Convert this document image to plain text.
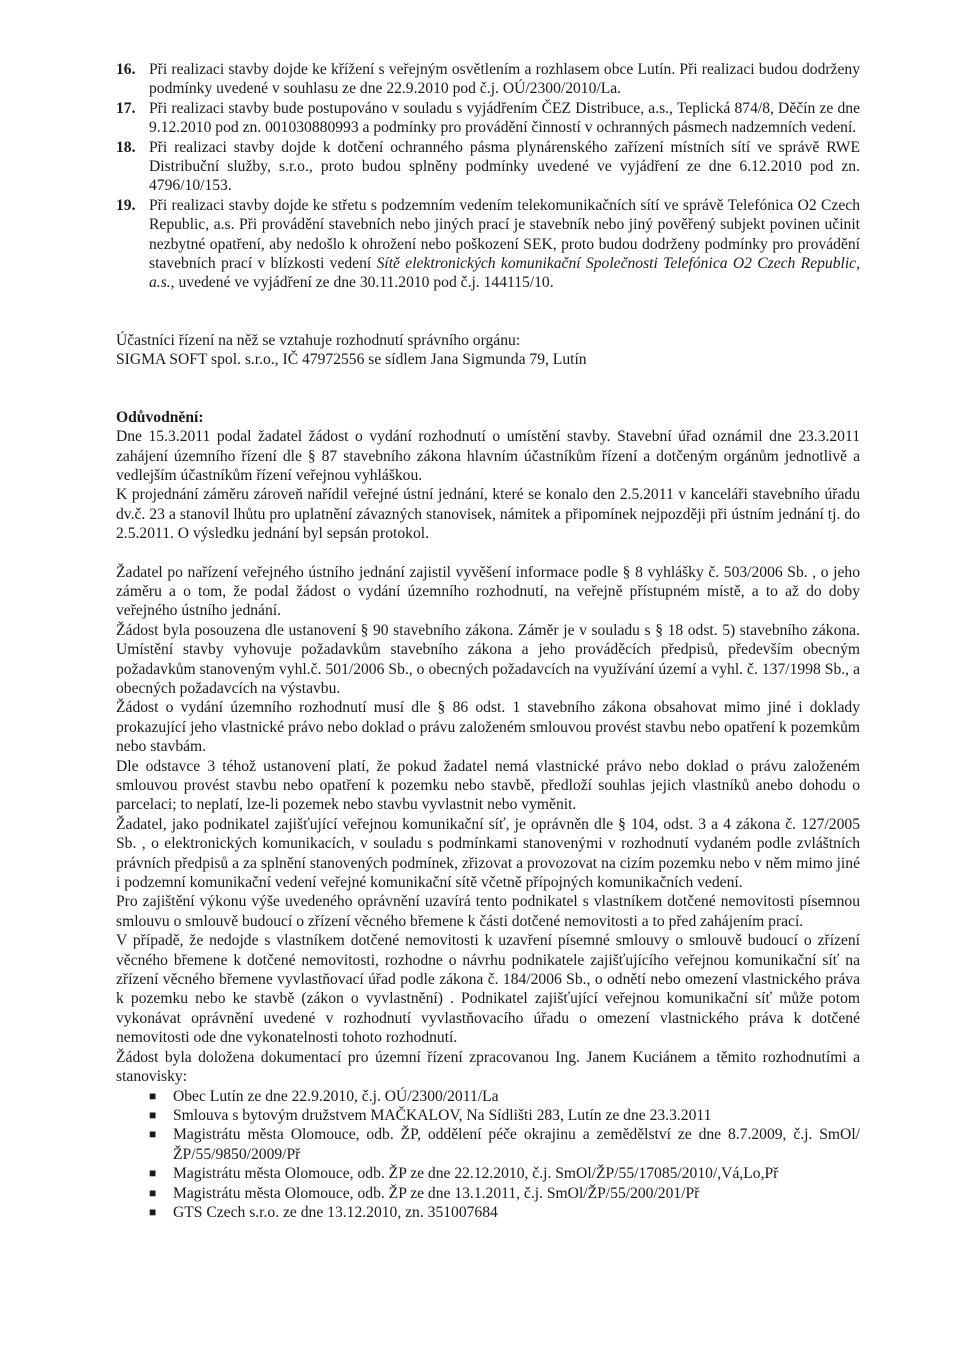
16. Při realizaci stavby dojde ke křížení s veřejným osvětlením a rozhlasem obce Lutín. Při realizaci budou dodrženy podmínky uvedené v souhlasu ze dne 22.9.2010 pod č.j. OÚ/2300/2010/La.
17. Při realizaci stavby bude postupováno v souladu s vyjádřením ČEZ Distribuce, a.s., Teplická 874/8, Děčín ze dne 9.12.2010 pod zn. 001030880993 a podmínky pro provádění činností v ochranných pásmech nadzemních vedení.
18. Při realizaci stavby dojde k dotčení ochranného pásma plynárenského zařízení místních sítí ve správě RWE Distribuční služby, s.r.o., proto budou splněny podmínky uvedené ve vyjádření ze dne 6.12.2010 pod zn. 4796/10/153.
19. Při realizaci stavby dojde ke střetu s podzemním vedením telekomunikačních sítí ve správě Telefónica O2 Czech Republic, a.s. Při provádění stavebních nebo jiných prací je stavebník nebo jiný pověřený subjekt povinen učinit nezbytné opatření, aby nedošlo k ohrožení nebo poškození SEK, proto budou dodrženy podmínky pro provádění stavebních prací v blízkosti vedení Sítě elektronických komunikační Společnosti Telefónica O2 Czech Republic, a.s., uvedené ve vyjádření ze dne 30.11.2010 pod č.j. 144115/10.

Účastníci řízení na něž se vztahuje rozhodnutí správního orgánu:

SIGMA SOFT spol. s.r.o., IČ 47972556 se sídlem Jana Sigmunda 79, Lutín

Odůvodnění:

Dne 15.3.2011 podal žadatel žádost o vydání rozhodnutí o umístění stavby. Stavební úřad oznámil dne 23.3.2011 zahájení územního řízení dle § 87 stavebního zákona hlavním účastníkům řízení a dotčeným orgánům jednotlivě a vedlejším účastníkům řízení veřejnou vyhláškou.

K projednání záměru zároveň nařídil veřejné ústní jednání, které se konalo den 2.5.2011 v kanceláři stavebního úřadu dv.č. 23 a stanovil lhůtu pro uplatnění závazných stanovisek, námitek a připomínek nejpozději při ústním jednání tj. do 2.5.2011. O výsledku jednání byl sepsán protokol.

Žadatel po nařízení veřejného ústního jednání zajistil vyvěšení informace podle § 8 vyhlášky č. 503/2006 Sb. , o jeho záměru a o tom, že podal žádost o vydání územního rozhodnutí, na veřejně přístupném místě, a to až do doby veřejného ústního jednání.

Žádost byla posouzena dle ustanovení § 90 stavebního zákona. Záměr je v souladu s § 18 odst. 5) stavebního zákona. Umístění stavby vyhovuje požadavkům stavebního zákona a jeho prováděcích předpisů, především obecným požadavkům stanoveným vyhl.č. 501/2006 Sb., o obecných požadavcích na využívání území a vyhl. č. 137/1998 Sb., a obecných požadavcích na výstavbu.

Žádost o vydání územního rozhodnutí musí dle § 86 odst. 1 stavebního zákona obsahovat mimo jiné i doklady prokazující jeho vlastnické právo nebo doklad o právu založeném smlouvou provést stavbu nebo opatření k pozemkům nebo stavbám.

Dle odstavce 3 téhož ustanovení platí, že pokud žadatel nemá vlastnické právo nebo doklad o právu založeném smlouvou provést stavbu nebo opatření k pozemku nebo stavbě, předloží souhlas jejich vlastníků anebo dohodu o parcelaci; to neplatí, lze-li pozemek nebo stavbu vyvlastnit nebo vyměnit.

Žadatel, jako podnikatel zajišťující veřejnou komunikační síť, je oprávněn dle § 104, odst. 3 a 4 zákona č. 127/2005 Sb. , o elektronických komunikacích, v souladu s podmínkami stanovenými v rozhodnutí vydaném podle zvláštních právních předpisů a za splnění stanovených podmínek, zřizovat a provozovat na cizím pozemku nebo v něm mimo jiné i podzemní komunikační vedení veřejné komunikační sítě včetně přípojných komunikačních vedení.

Pro zajištění výkonu výše uvedeného oprávnění uzavírá tento podnikatel s vlastníkem dotčené nemovitosti písemnou smlouvu o smlouvě budoucí o zřízení věcného břemene k části dotčené nemovitosti a to před zahájením prací.

V případě, že nedojde s vlastníkem dotčené nemovitosti k uzavření písemné smlouvy o smlouvě budoucí o zřízení věcného břemene k dotčené nemovitosti, rozhodne o návrhu podnikatele zajišťujícího veřejnou komunikační síť na zřízení věcného břemene vyvlastňovací úřad podle zákona č. 184/2006 Sb., o odnětí nebo omezení vlastnického práva k pozemku nebo ke stavbě (zákon o vyvlastnění) . Podnikatel zajišťující veřejnou komunikační síť může potom vykonávat oprávnění uvedené v rozhodnutí vyvlastňovacího úřadu o omezení vlastnického práva k dotčené nemovitosti ode dne vykonatelnosti tohoto rozhodnutí.

Žádost byla doložena dokumentací pro územní řízení zpracovanou Ing. Janem Kuciánem a těmito rozhodnutími a stanovisky:

■	Obec Lutín ze dne 22.9.2010, č.j. OÚ/2300/2011/La
■	Smlouva s bytovým družstvem MAČKALOV, Na Sídlišti 283, Lutín ze dne 23.3.2011
■	Magistrátu města Olomouce, odb. ŽP, oddělení péče okrajinu a zemědělství ze dne 8.7.2009, č.j. SmOl/ŽP/55/9850/2009/Př
■	Magistrátu města Olomouce, odb. ŽP ze dne 22.12.2010, č.j. SmOl/ŽP/55/17085/2010/,Vá,Lo,Př
■	Magistrátu města Olomouce, odb. ŽP ze dne 13.1.2011, č.j. SmOl/ŽP/55/200/201/Př
■	GTS Czech s.r.o. ze dne 13.12.2010, zn. 351007684
